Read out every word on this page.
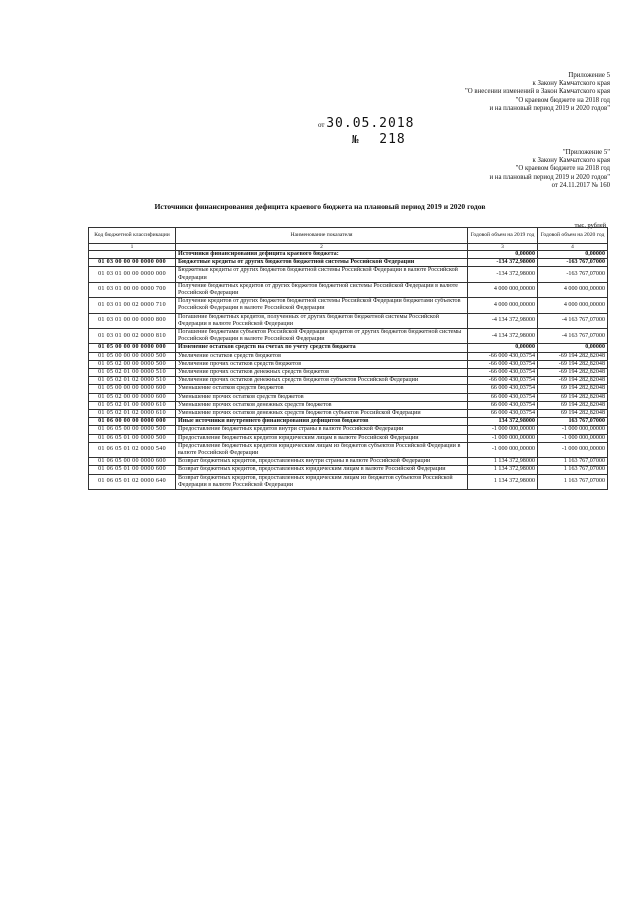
Приложение 5
к Закону Камчатского края
"О внесении изменений в Закон Камчатского края
"О краевом бюджете на 2018 год
и на плановый период 2019 и 2020 годов"
от 30.05.2018
№ 218
"Приложение 5"
к Закону Камчатского края
"О краевом бюджете на 2018 год
и на плановый период 2019 и 2020 годов"
от 24.11.2017 № 160
Источники финансирования дефицита краевого бюджета на плановый период 2019 и 2020 годов
тыс. рублей
Код бюджетной классификации	Наименование показателя	Годовой объем на 2019 год	Годовой объем на 2020 год
1	2	3	4
	Источники финансирования дефицита краевого бюджета:	0,00000	0,00000
01 03 00 00 00 0000 000	Бюджетные кредиты от других бюджетов бюджетной системы Российской Федерации	-134 372,98000	-163 767,07000
01 03 01 00 00 0000 000	Бюджетные кредиты от других бюджетов бюджетной системы Российской Федерации в валюте Российской Федерации	-134 372,98000	-163 767,07000
01 03 01 00 00 0000 700	Получение бюджетных кредитов от других бюджетов бюджетной системы Российской Федерации в валюте Российской Федерации	4 000 000,00000	4 000 000,00000
01 03 01 00 02 0000 710	Получение кредитов от других бюджетов бюджетной системы Российской Федерации бюджетами субъектов Российской Федерации в валюте Российской Федерации	4 000 000,00000	4 000 000,00000
01 03 01 00 00 0000 800	Погашение бюджетных кредитов, полученных от других бюджетов бюджетной системы Российской Федерации в валюте Российской Федерации	-4 134 372,98000	-4 163 767,07000
01 03 01 00 02 0000 810	Погашение бюджетами субъектов Российской Федерации кредитов от других бюджетов бюджетной системы Российской Федерации в валюте Российской Федерации	-4 134 372,98000	-4 163 767,07000
01 05 00 00 00 0000 000	Изменение остатков средств на счетах по учету средств бюджета	0,00000	0,00000
01 05 00 00 00 0000 500	Увеличение остатков средств бюджетов	-66 000 430,03754	-69 194 282,82048
01 05 02 00 00 0000 500	Увеличение прочих остатков средств бюджетов	-66 000 430,03754	-69 194 282,82048
01 05 02 01 00 0000 510	Увеличение прочих остатков денежных средств бюджетов	-66 000 430,03754	-69 194 282,82048
01 05 02 01 02 0000 510	Увеличение прочих остатков денежных средств бюджетов субъектов Российской Федерации	-66 000 430,03754	-69 194 282,82048
01 05 00 00 00 0000 600	Уменьшение остатков средств бюджетов	66 000 430,03754	69 194 282,82048
01 05 02 00 00 0000 600	Уменьшение прочих остатков средств бюджетов	66 000 430,03754	69 194 282,82048
01 05 02 01 00 0000 610	Уменьшение прочих остатков денежных средств бюджетов	66 000 430,03754	69 194 282,82048
01 05 02 01 02 0000 610	Уменьшение прочих остатков денежных средств бюджетов субъектов Российской Федерации	66 000 430,03754	69 194 282,82048
01 06 00 00 00 0000 000	Иные источники внутреннего финансирования дефицитов бюджетов	134 372,98000	163 767,07000
01 06 05 00 00 0000 500	Предоставление бюджетных кредитов внутри страны в валюте Российской Федерации	-1 000 000,00000	-1 000 000,00000
01 06 05 01 00 0000 500	Предоставление бюджетных кредитов юридическим лицам в валюте Российской Федерации	-1 000 000,00000	-1 000 000,00000
01 06 05 01 02 0000 540	Предоставление бюджетных кредитов юридическим лицам из бюджетов субъектов Российской Федерации в валюте Российской Федерации	-1 000 000,00000	-1 000 000,00000
01 06 05 00 00 0000 600	Возврат бюджетных кредитов, предоставленных внутри страны в валюте Российской Федерации	1 134 372,98000	1 163 767,07000
01 06 05 01 00 0000 600	Возврат бюджетных кредитов, предоставленных юридическим лицам в валюте Российской Федерации	1 134 372,98000	1 163 767,07000
01 06 05 01 02 0000 640	Возврат бюджетных кредитов, предоставленных юридическим лицам из бюджетов субъектов Российской Федерации в валюте Российской Федерации	1 134 372,98000	1 163 767,07000
